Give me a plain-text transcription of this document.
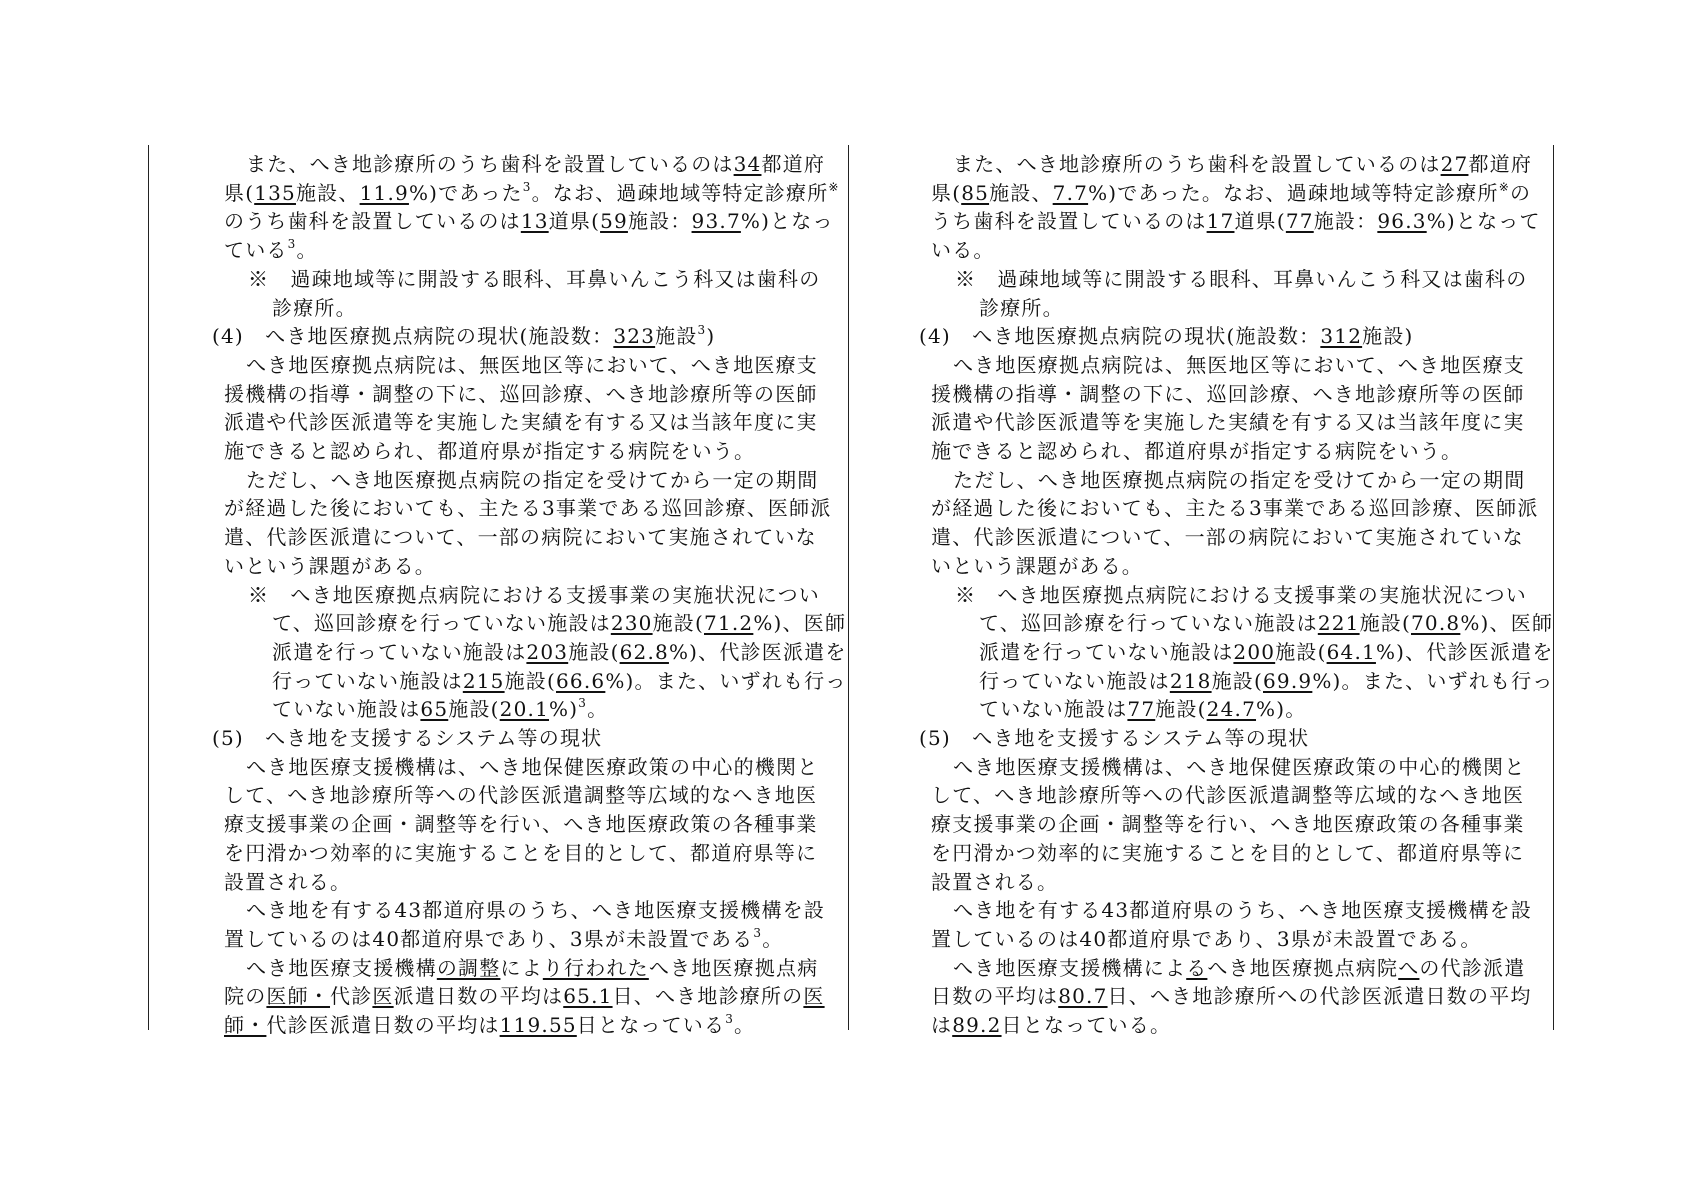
また、へき地診療所のうち歯科を設置しているのは34都道府

県(135施設、11.9%)であった$^3$。なお、過疎地域等特定診療所※

のうち歯科を設置しているのは13道県(59施設：93.7%)となっ

ている$^3$。

※　過疎地域等に開設する眼科、耳鼻いんこう科又は歯科の

診療所。

(4)　へき地医療拠点病院の現状(施設数：323施設$^3$)

へき地医療拠点病院は、無医地区等において、へき地医療支

援機構の指導・調整の下に、巡回診療、へき地診療所等の医師

派遣や代診医派遣等を実施した実績を有する又は当該年度に実

施できると認められ、都道府県が指定する病院をいう。

ただし、へき地医療拠点病院の指定を受けてから一定の期間

が経過した後においても、主たる3事業である巡回診療、医師派

遣、代診医派遣について、一部の病院において実施されていな

いという課題がある。

※　へき地医療拠点病院における支援事業の実施状況につい

て、巡回診療を行っていない施設は230施設(71.2%)、医師

派遣を行っていない施設は203施設(62.8%)、代診医派遣を

行っていない施設は215施設(66.6%)。また、いずれも行っ

ていない施設は65施設$(20.1\%)^3$。

(5)　へき地を支援するシステム等の現状

へき地医療支援機構は、へき地保健医療政策の中心的機関と

して、へき地診療所等への代診医派遣調整等広域的なへき地医

療支援事業の企画・調整等を行い、へき地医療政策の各種事業

を円滑かつ効率的に実施することを目的として、都道府県等に

設置される。

へき地を有する43都道府県のうち、へき地医療支援機構を設

置しているのは40都道府県であり、3県が未設置である$^3$。

へき地医療支援機構の調整により行われたへき地医療拠点病

院の医師・代診医派遣日数の平均は65.1日、へき地診療所の医

師・代診医派遣日数の平均は119.55日となっている$^3$。

また、へき地診療所のうち歯科を設置しているのは27都道府

県(85施設、7.7%)であった。なお、過疎地域等特定診療所※の

うち歯科を設置しているのは17道県(77施設：96.3%)となって

いる。

※　過疎地域等に開設する眼科、耳鼻いんこう科又は歯科の

診療所。

(4)　へき地医療拠点病院の現状(施設数：312施設)

へき地医療拠点病院は、無医地区等において、へき地医療支

援機構の指導・調整の下に、巡回診療、へき地診療所等の医師

派遣や代診医派遣等を実施した実績を有する又は当該年度に実

施できると認められ、都道府県が指定する病院をいう。

ただし、へき地医療拠点病院の指定を受けてから一定の期間

が経過した後においても、主たる3事業である巡回診療、医師派

遣、代診医派遣について、一部の病院において実施されていな

いという課題がある。

※　へき地医療拠点病院における支援事業の実施状況につい

て、巡回診療を行っていない施設は221施設(70.8%)、医師

派遣を行っていない施設は200施設(64.1%)、代診医派遣を

行っていない施設は218施設(69.9%)。また、いずれも行っ

ていない施設は77施設(24.7%)。

(5)　へき地を支援するシステム等の現状

へき地医療支援機構は、へき地保健医療政策の中心的機関と

して、へき地診療所等への代診医派遣調整等広域的なへき地医

療支援事業の企画・調整等を行い、へき地医療政策の各種事業

を円滑かつ効率的に実施することを目的として、都道府県等に

設置される。

へき地を有する43都道府県のうち、へき地医療支援機構を設

置しているのは40都道府県であり、3県が未設置である。

へき地医療支援機構によるへき地医療拠点病院への代診派遣

日数の平均は80.7日、へき地診療所への代診医派遣日数の平均

は89.2日となっている。
